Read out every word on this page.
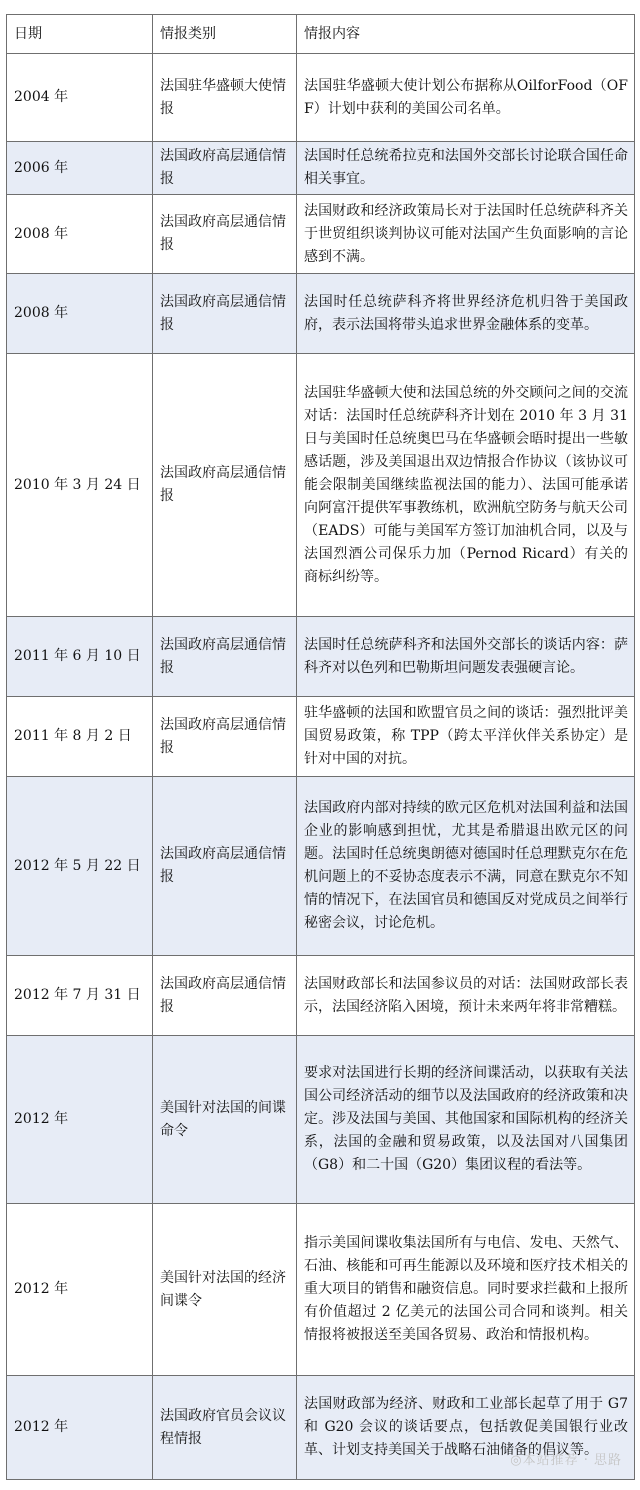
日期	情报类别	情报内容
2004 年	法国驻华盛顿大使情报	法国驻华盛顿大使计划公布据称从OilforFood（OFF）计划中获利的美国公司名单。
2006 年	法国政府高层通信情报	法国时任总统希拉克和法国外交部长讨论联合国任命相关事宜。
2008 年	法国政府高层通信情报	法国财政和经济政策局长对于法国时任总统萨科齐关于世贸组织谈判协议可能对法国产生负面影响的言论感到不满。
2008 年	法国政府高层通信情报	法国时任总统萨科齐将世界经济危机归咎于美国政府，表示法国将带头追求世界金融体系的变革。
2010 年 3 月 24 日	法国政府高层通信情报	法国驻华盛顿大使和法国总统的外交顾问之间的交流对话：法国时任总统萨科齐计划在 2010 年 3 月 31 日与美国时任总统奥巴马在华盛顿会晤时提出一些敏感话题，涉及美国退出双边情报合作协议（该协议可能会限制美国继续监视法国的能力）、法国可能承诺向阿富汗提供军事教练机，欧洲航空防务与航天公司（EADS）可能与美国军方签订加油机合同，以及与法国烈酒公司保乐力加（Pernod Ricard）有关的商标纠纷等。
2011 年 6 月 10 日	法国政府高层通信情报	法国时任总统萨科齐和法国外交部长的谈话内容：萨科齐对以色列和巴勒斯坦问题发表强硬言论。
2011 年 8 月 2 日	法国政府高层通信情报	驻华盛顿的法国和欧盟官员之间的谈话：强烈批评美国贸易政策，称 TPP（跨太平洋伙伴关系协定）是针对中国的对抗。
2012 年 5 月 22 日	法国政府高层通信情报	法国政府内部对持续的欧元区危机对法国利益和法国企业的影响感到担忧，尤其是希腊退出欧元区的问题。法国时任总统奥朗德对德国时任总理默克尔在危机问题上的不妥协态度表示不满，同意在默克尔不知情的情况下，在法国官员和德国反对党成员之间举行秘密会议，讨论危机。
2012 年 7 月 31 日	法国政府高层通信情报	法国财政部长和法国参议员的对话：法国财政部长表示，法国经济陷入困境，预计未来两年将非常糟糕。
2012 年	美国针对法国的间谍命令	要求对法国进行长期的经济间谍活动，以获取有关法国公司经济活动的细节以及法国政府的经济政策和决定。涉及法国与美国、其他国家和国际机构的经济关系，法国的金融和贸易政策，以及法国对八国集团（G8）和二十国（G20）集团议程的看法等。
2012 年	美国针对法国的经济间谍令	指示美国间谍收集法国所有与电信、发电、天然气、石油、核能和可再生能源以及环境和医疗技术相关的重大项目的销售和融资信息。同时要求拦截和上报所有价值超过 2 亿美元的法国公司合同和谈判。相关情报将被报送至美国各贸易、政治和情报机构。
2012 年	法国政府官员会议议程情报	法国财政部为经济、财政和工业部长起草了用于 G7 和 G20 会议的谈话要点，包括敦促美国银行业改革、计划支持美国关于战略石油储备的倡议等。
◎本站推荐 · 思路
